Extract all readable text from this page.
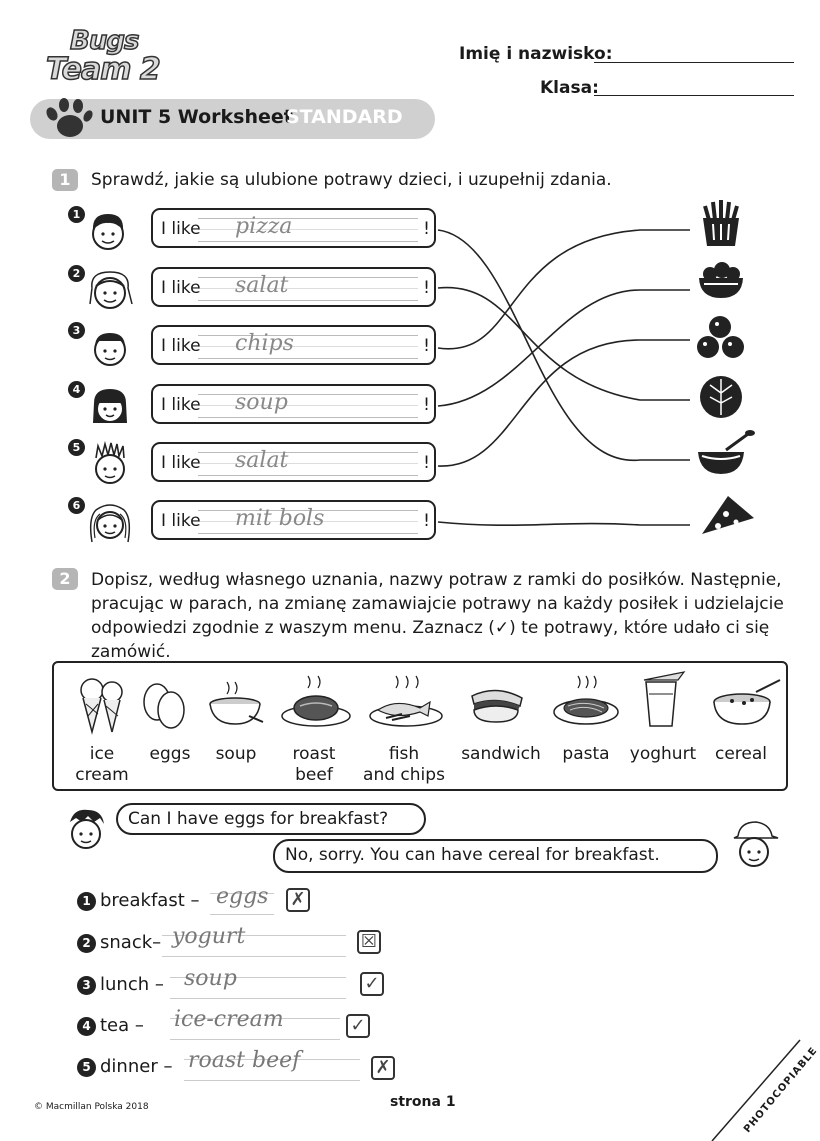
Bugs
Team 2	Imię i nazwisko:
Klasa:
UNIT 5 Worksheet
STANDARD
1	Sprawdź, jakie są ulubione potrawy dzieci, i uzupełnij zdania.
1
I like pizza	!
2
I like salat	!
3
I like chips	!
4
I like soup	!
5
I like salat	!
6
I like mit bols	!
2	Dopisz, według własnego uznania, nazwy potraw z ramki do posiłków. Następnie,
pracując w parach, na zmianę zamawiajcie potrawy na każdy posiłek i udzielajcie
odpowiedzi zgodnie z waszym menu. Zaznacz (✓) te potrawy, które udało ci się
zamówić.
ice
cream
eggs	soup	roast
beef
fish
and chips
sandwich	pasta	yoghurt	cereal
Can I have eggs for breakfast?
No, sorry. You can have cereal for breakfast.
1 breakfast – eggs ✗
2 snack– yogurt	☒
3 lunch – soup	✓
4 tea – ice-cream	✓
5 dinner – roast beef	✗
© Macmillan Polska 2018	strona 1	PHOTOCOPIABLE
